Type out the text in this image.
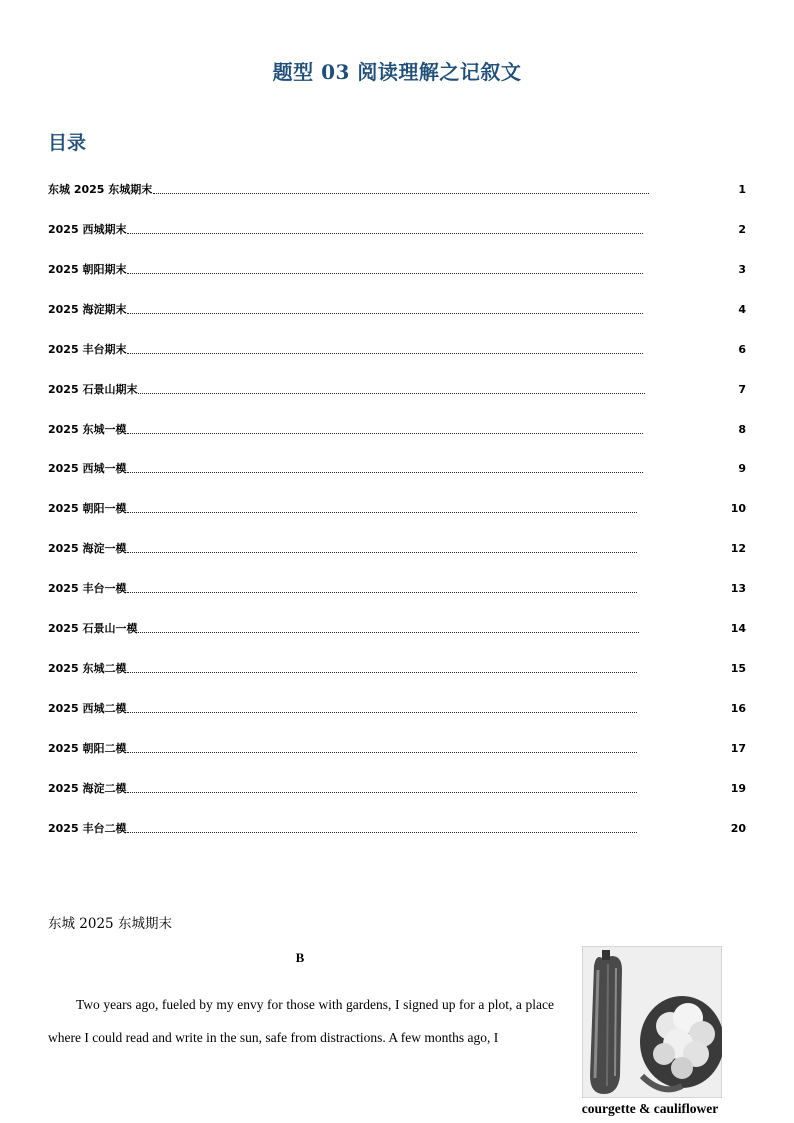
题型 03 阅读理解之记叙文
目录
东城 2025 东城期末	1
2025 西城期末	2
2025 朝阳期末	3
2025 海淀期末	4
2025 丰台期末	6
2025 石景山期末	7
2025 东城一模	8
2025 西城一模	9
2025 朝阳一模	10
2025 海淀一模	12
2025 丰台一模	13
2025 石景山一模	14
2025 东城二模	15
2025 西城二模	16
2025 朝阳二模	17
2025 海淀二模	19
2025 丰台二模	20
东城 2025 东城期末
B
Two years ago, fueled by my envy for those with gardens, I signed up for a plot, a place where I could read and write in the sun, safe from distractions. A few months ago, I
courgette & cauliflower
